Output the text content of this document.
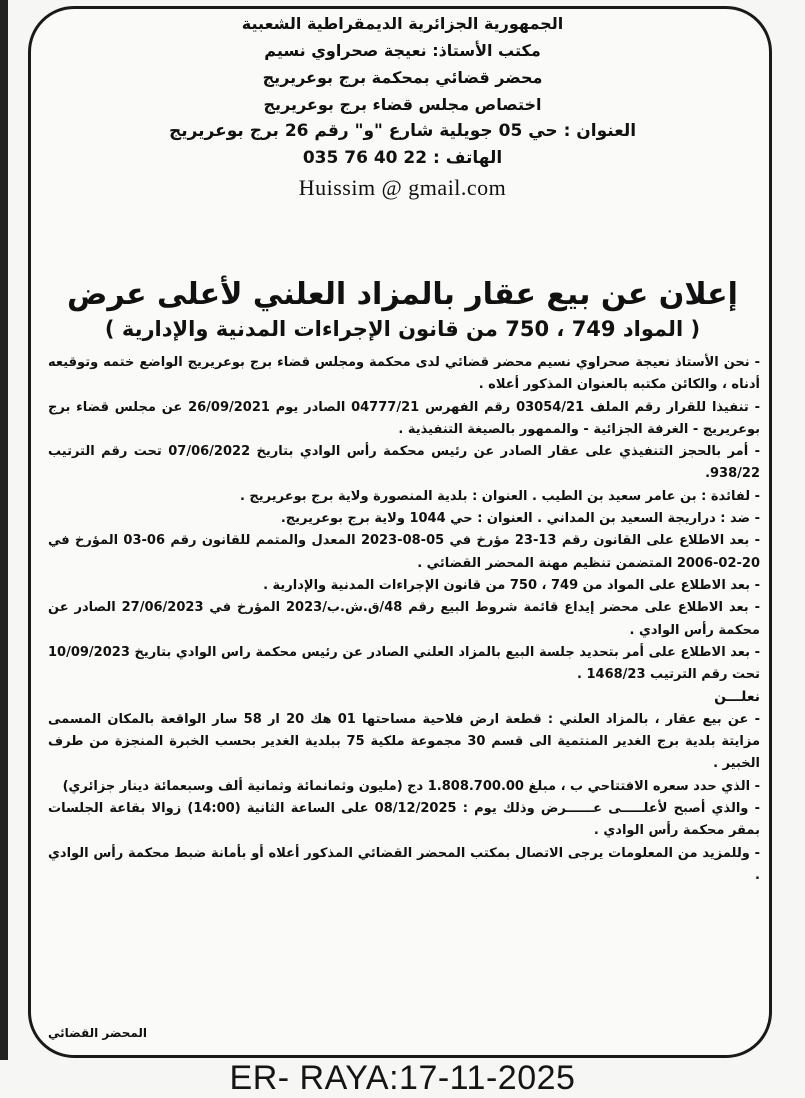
الجمهورية الجزائرية الديمقراطية الشعبية
مكتب الأستاذ: نعيجة صحراوي نسيم
محضر قضائي بمحكمة برج بوعريريج
اختصاص مجلس قضاء برج بوعريريج
العنوان : حي 05 جويلية شارع "و" رقم 26 برج بوعريريج
الهاتف : 22 40 76 035
Huissim @ gmail.com
إعلان عن بيع عقار بالمزاد العلني لأعلى عرض
( المواد 749 ، 750 من قانون الإجراءات المدنية والإدارية )

- نحن الأستاذ نعيجة صحراوي نسيم محضر قضائي لدى محكمة ومجلس قضاء برج بوعريريج الواضع ختمه وتوقيعه أدناه ، والكائن مكتبه بالعنوان المذكور أعلاه .

- تنفيذا للقرار رقم الملف 03054/21 رقم الفهرس 04777/21 الصادر يوم 26/09/2021 عن مجلس قضاء برج بوعريريج - الغرفة الجزائية - والممهور بالصيغة التنفيذية .

- أمر بالحجز التنفيذي على عقار الصادر عن رئيس محكمة رأس الوادي بتاريخ 07/06/2022 تحت رقم الترتيب 938/22.

- لفائدة : بن عامر سعيد بن الطيب . العنوان : بلدية المنصورة ولاية برج بوعريريج .

- ضد : دراريجة السعيد بن المداني . العنوان : حي 1044 ولاية برج بوعريريج.

- بعد الاطلاع على القانون رقم 13-23 مؤرخ في 05-08-2023 المعدل والمتمم للقانون رقم 06-03 المؤرخ في 20-02-2006 المتضمن تنظيم مهنة المحضر القضائي .

- بعد الاطلاع على المواد من 749 ، 750 من قانون الإجراءات المدنية والإدارية .

- بعد الاطلاع على محضر إيداع قائمة شروط البيع رقم 48/ق.ش.ب/2023 المؤرخ في 27/06/2023 الصادر عن محكمة رأس الوادي .

- بعد الاطلاع على أمر بتحديد جلسة البيع بالمزاد العلني الصادر عن رئيس محكمة راس الوادي بتاريخ 10/09/2023 تحت رقم الترتيب 1468/23 .

نعلـــن

- عن بيع عقار ، بالمزاد العلني : قطعة ارض فلاحية مساحتها 01 هك 20 ار 58 سار الواقعة بالمكان المسمى مزايتة بلدية برج الغدير المنتمية الى قسم 30 مجموعة ملكية 75 ببلدية الغدير بحسب الخبرة المنجزة من طرف الخبير .

- الذي حدد سعره الافتتاحي ب ، مبلغ 1.808.700.00 دج (مليون وثمانمائة وثمانية ألف وسبعمائة دينار جزائري)

- والذي أصبح لأعلـــــى عــــــرض وذلك يوم : 08/12/2025 على الساعة الثانية (14:00) زوالا بقاعة الجلسات بمقر محكمة رأس الوادي .

- وللمزيد من المعلومات يرجى الاتصال بمكتب المحضر القضائي المذكور أعلاه أو بأمانة ضبط محكمة رأس الوادي .

المحضر القضائي
ER- RAYA:17-11-2025
